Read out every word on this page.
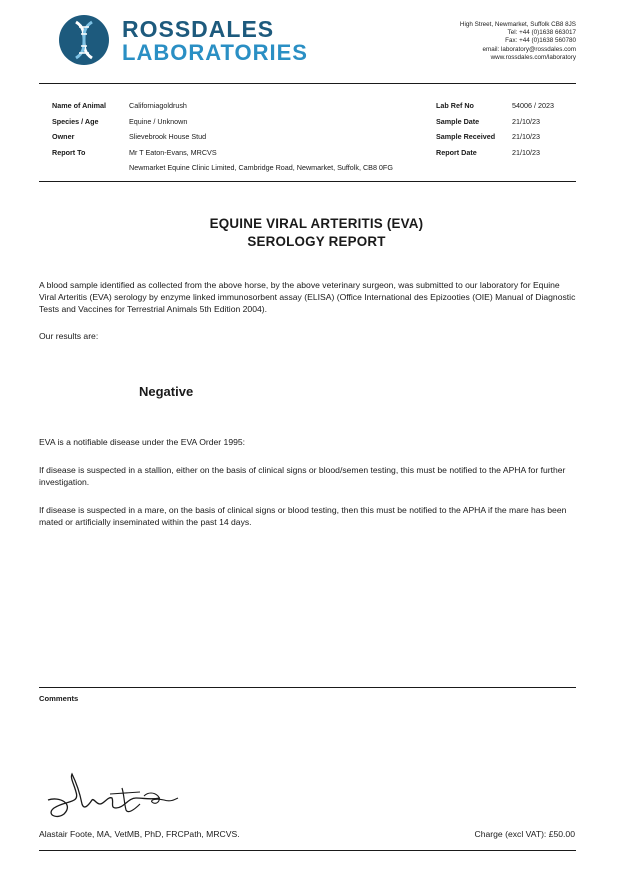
ROSSDALES
LABORATORIES
High Street, Newmarket, Suffolk CB8 8JS
Tel: +44 (0)1638 663017
Fax: +44 (0)1638 560780
email: laboratory@rossdales.com
www.rossdales.com/laboratory
Name of Animal	Californiagoldrush
Species / Age	Equine / Unknown
Owner	Slievebrook House Stud
Report To	Mr T Eaton-Evans, MRCVS
Newmarket Equine Clinic Limited, Cambridge Road, Newmarket, Suffolk, CB8 0FG
Lab Ref No	54006 / 2023
Sample Date	21/10/23
Sample Received 21/10/23
Report Date	21/10/23
EQUINE VIRAL ARTERITIS (EVA)
SEROLOGY REPORT
A blood sample identified as collected from the above horse, by the above veterinary surgeon, was submitted to our laboratory for Equine Viral Arteritis (EVA) serology by enzyme linked immunosorbent assay (ELISA) (Office International des Epizooties (OIE) Manual of Diagnostic Tests and Vaccines for Terrestrial Animals 5th Edition 2004).
Our results are:
Negative
EVA is a notifiable disease under the EVA Order 1995:
If disease is suspected in a stallion, either on the basis of clinical signs or blood/semen testing, this must be notified to the APHA for further investigation.
If disease is suspected in a mare, on the basis of clinical signs or blood testing, then this must be notified to the APHA if the mare has been mated or artificially inseminated within the past 14 days.
Comments
Alastair Foote, MA, VetMB, PhD, FRCPath, MRCVS.	Charge (excl VAT): £50.00
